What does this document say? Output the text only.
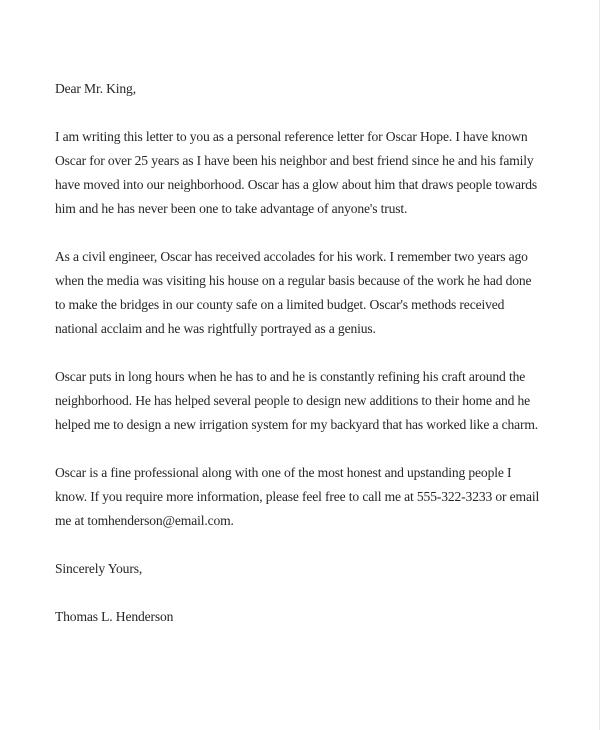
Dear Mr. King,

I am writing this letter to you as a personal reference letter for Oscar Hope. I have known Oscar for over 25 years as I have been his neighbor and best friend since he and his family have moved into our neighborhood. Oscar has a glow about him that draws people towards him and he has never been one to take advantage of anyone's trust.

As a civil engineer, Oscar has received accolades for his work. I remember two years ago when the media was visiting his house on a regular basis because of the work he had done to make the bridges in our county safe on a limited budget. Oscar's methods received national acclaim and he was rightfully portrayed as a genius.

Oscar puts in long hours when he has to and he is constantly refining his craft around the neighborhood. He has helped several people to design new additions to their home and he helped me to design a new irrigation system for my backyard that has worked like a charm.

Oscar is a fine professional along with one of the most honest and upstanding people I know. If you require more information, please feel free to call me at 555-322-3233 or email me at tomhenderson@email.com.

Sincerely Yours,

Thomas L. Henderson
